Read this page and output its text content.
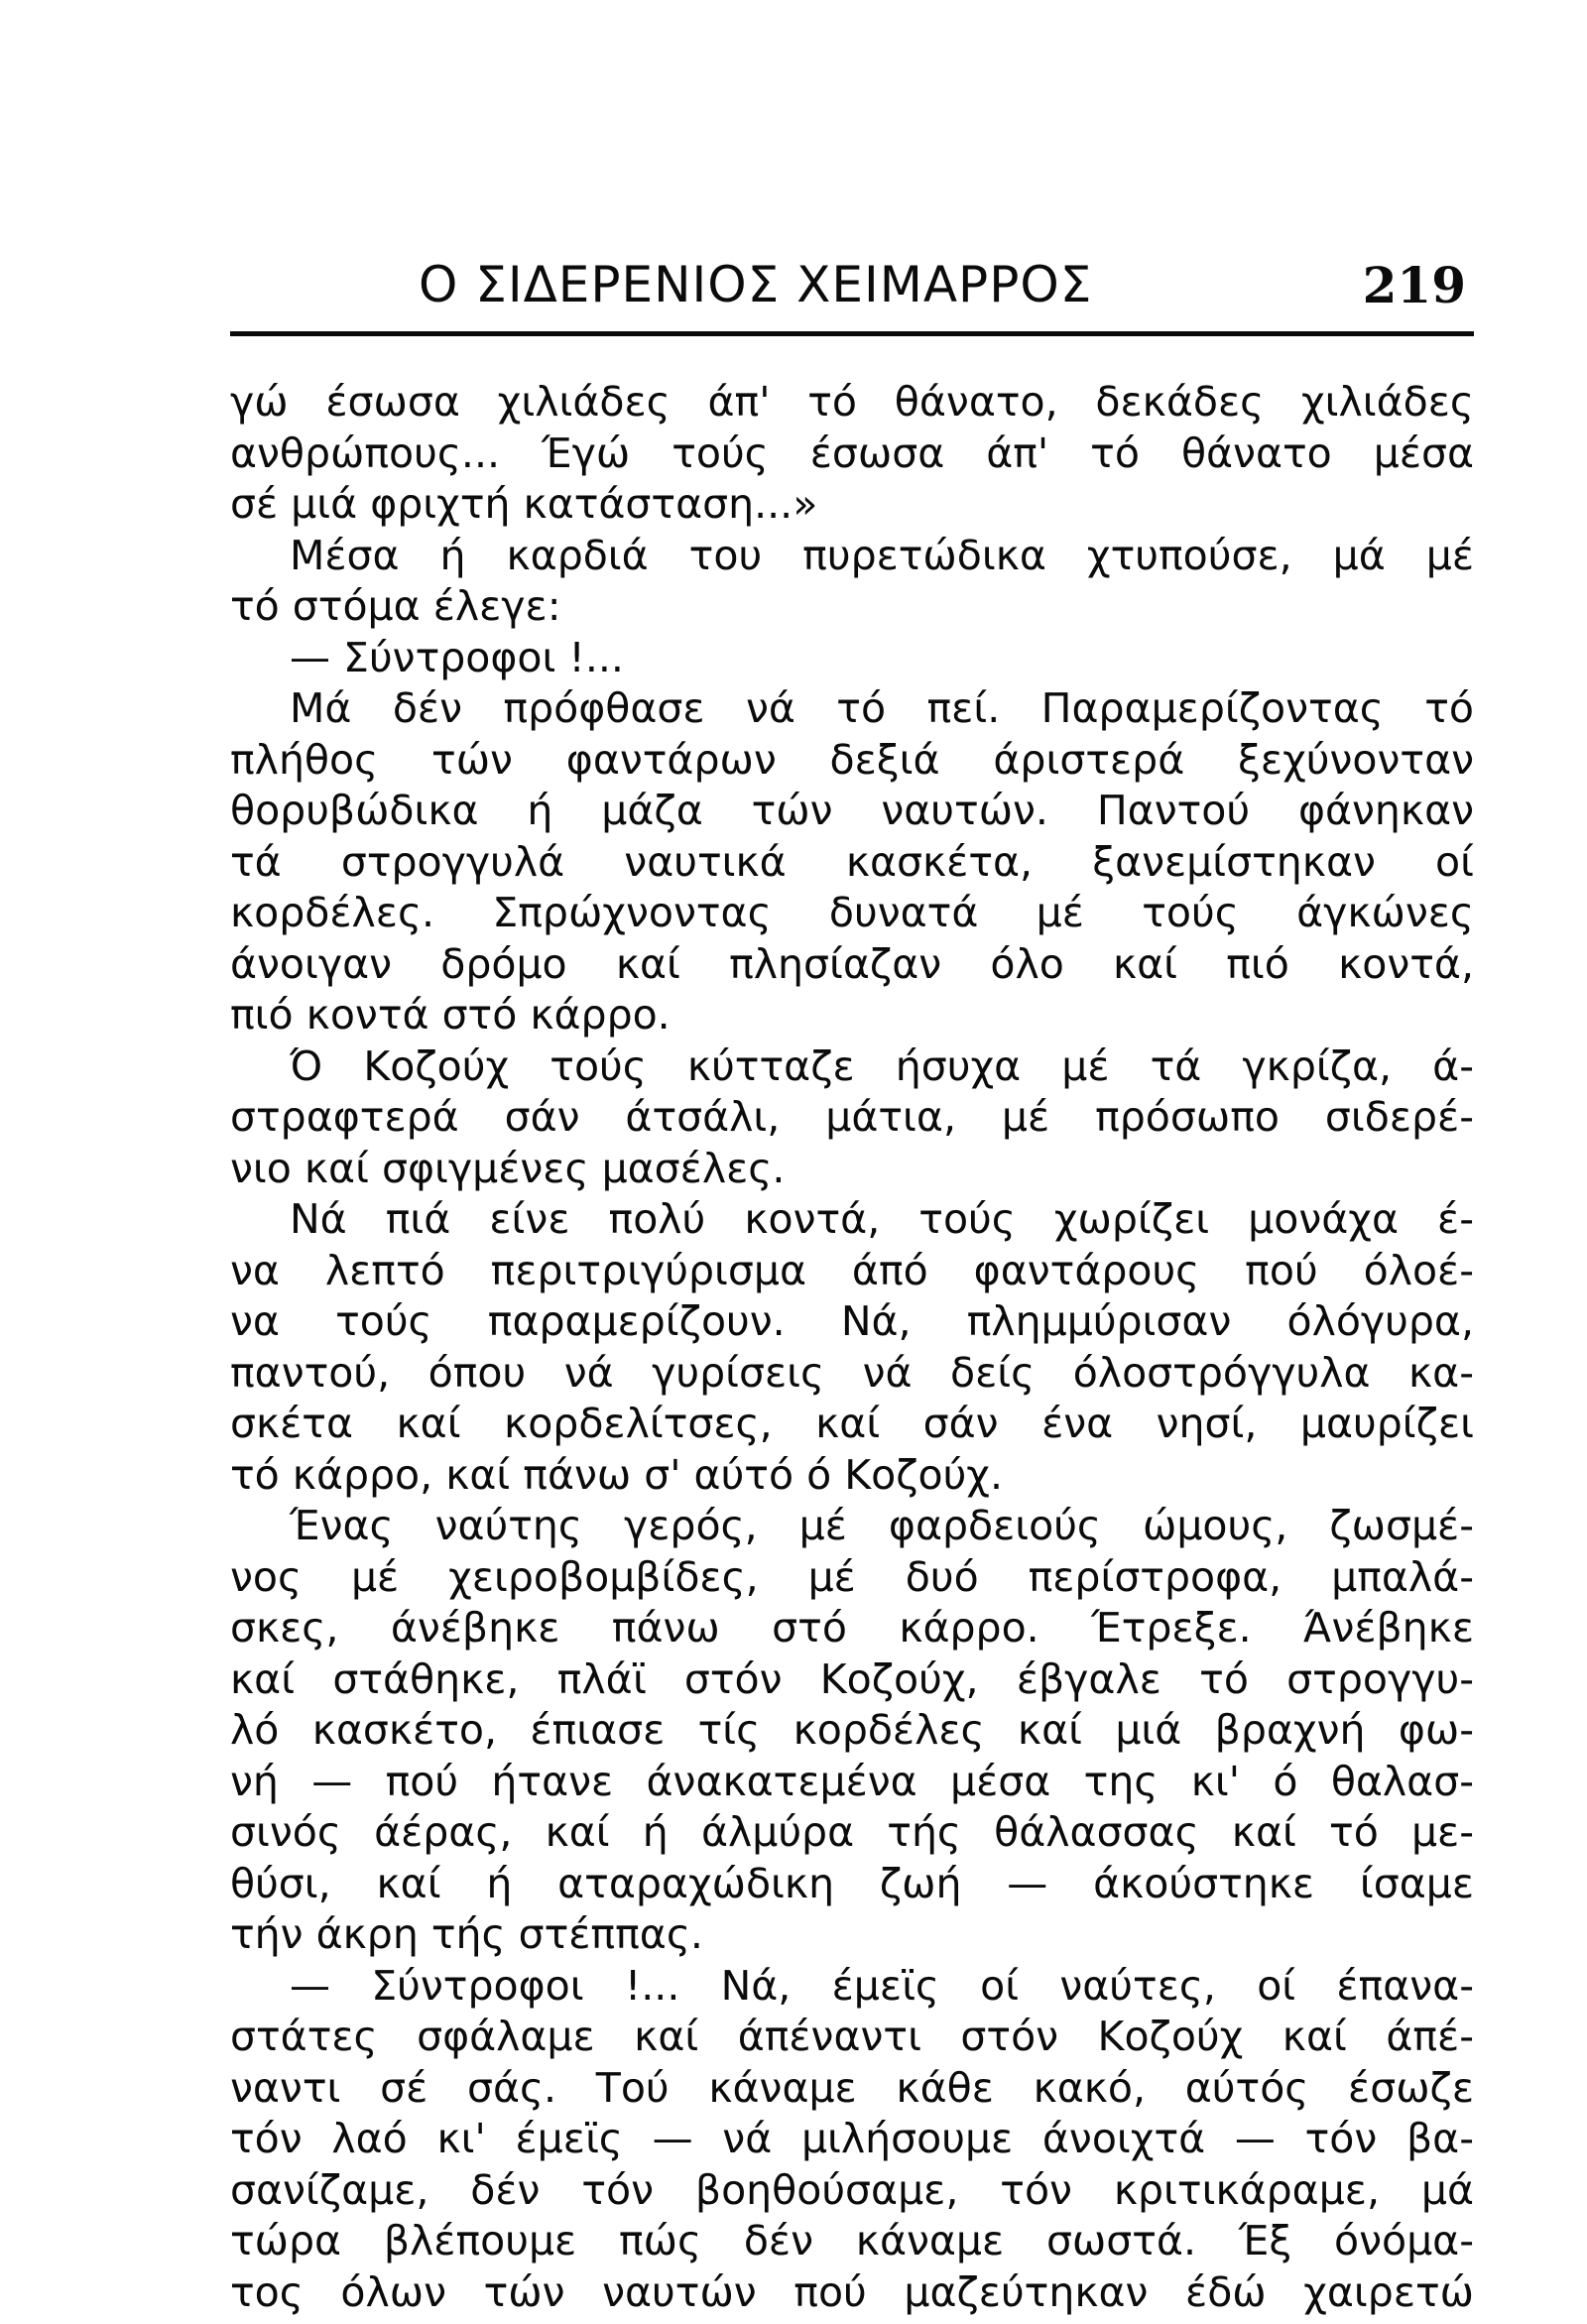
Ο ΣΙΔΕΡΕΝΙΟΣ ΧΕΙΜΑΡΡΟΣ	219
γώ έσωσα χιλιάδες άπ' τό θάνατο, δεκάδες χιλιάδες
ανθρώπους... Έγώ τούς έσωσα άπ' τό θάνατο μέσα
σέ μιά φριχτή κατάσταση...»
Μέσα ή καρδιά του πυρετώδικα χτυπούσε, μά μέ
τό στόμα έλεγε:
— Σύντροφοι !...
Μά δέν πρόφθασε νά τό πεί. Παραμερίζοντας τό
πλήθος τών φαντάρων δεξιά άριστερά ξεχύνονταν
θορυβώδικα ή μάζα τών ναυτών. Παντού φάνηκαν
τά στρογγυλά ναυτικά κασκέτα, ξανεμίστηκαν οί
κορδέλες. Σπρώχνοντας δυνατά μέ τούς άγκώνες
άνοιγαν δρόμο καί πλησίαζαν όλο καί πιό κοντά,
πιό κοντά στό κάρρο.
Ό Κοζούχ τούς κύτταζε ήσυχα μέ τά γκρίζα, ά-
στραφτερά σάν άτσάλι, μάτια, μέ πρόσωπο σιδερέ-
νιο καί σφιγμένες μασέλες.
Νά πιά είνε πολύ κοντά, τούς χωρίζει μονάχα έ-
να λεπτό περιτριγύρισμα άπό φαντάρους πού όλοέ-
να τούς παραμερίζουν. Νά, πλημμύρισαν όλόγυρα,
παντού, όπου νά γυρίσεις νά δείς όλοστρόγγυλα κα-
σκέτα καί κορδελίτσες, καί σάν ένα νησί, μαυρίζει
τό κάρρο, καί πάνω σ' αύτό ό Κοζούχ.
Ένας ναύτης γερός, μέ φαρδειούς ώμους, ζωσμέ-
νος μέ χειροβομβίδες, μέ δυό περίστροφα, μπαλά-
σκες, άνέβηκε πάνω στό κάρρο. Έτρεξε. Άνέβηκε
καί στάθηκε, πλάϊ στόν Κοζούχ, έβγαλε τό στρογγυ-
λό κασκέτο, έπιασε τίς κορδέλες καί μιά βραχνή φω-
νή — πού ήτανε άνακατεμένα μέσα της κι' ό θαλασ-
σινός άέρας, καί ή άλμύρα τής θάλασσας καί τό με-
θύσι, καί ή αταραχώδικη ζωή — άκούστηκε ίσαμε
τήν άκρη τής στέππας.
— Σύντροφοι !... Νά, έμεϊς οί ναύτες, οί έπανα-
στάτες σφάλαμε καί άπέναντι στόν Κοζούχ καί άπέ-
ναντι σέ σάς. Τού κάναμε κάθε κακό, αύτός έσωζε
τόν λαό κι' έμεϊς — νά μιλήσουμε άνοιχτά — τόν βα-
σανίζαμε, δέν τόν βοηθούσαμε, τόν κριτικάραμε, μά
τώρα βλέπουμε πώς δέν κάναμε σωστά. Έξ όνόμα-
τος όλων τών ναυτών πού μαζεύτηκαν έδώ χαιρετώ
